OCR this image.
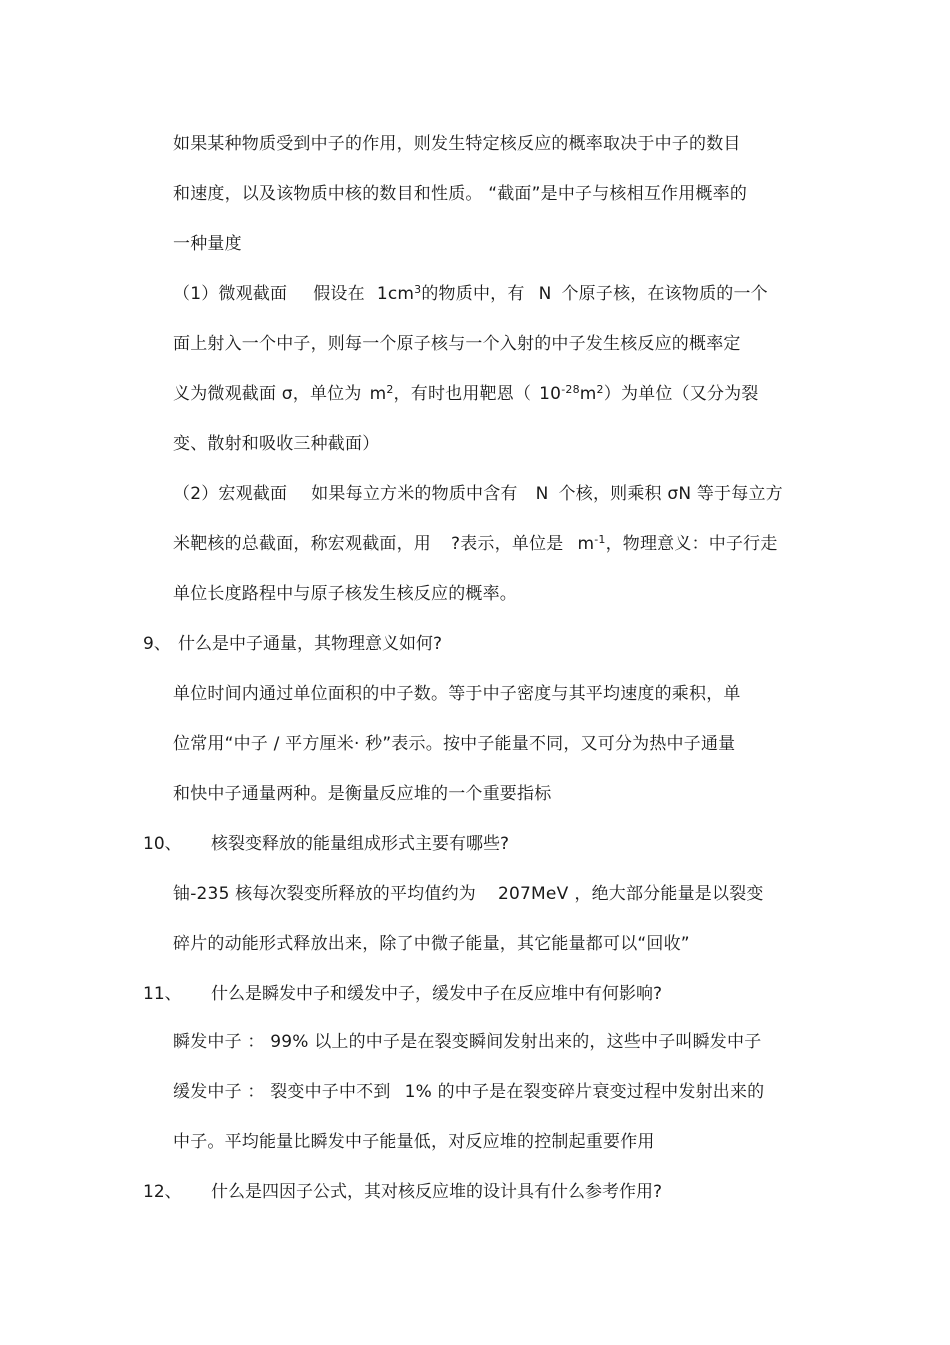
如果某种物质受到中子的作用，则发生特定核反应的概率取决于中子的数目
和速度，以及该物质中核的数目和性质。 “截面”是中子与核相互作用概率的
一种量度
（1）微观截面 假设在 $1cm^3$的物质中，有 N 个原子核，在该物质的一个
面上射入一个中子，则每一个原子核与一个入射的中子发生核反应的概率定
义为微观截面 σ，单位为 $m^2$，有时也用靶恩（ $10^{-28}m^2$）为单位（又分为裂
变、散射和吸收三种截面）
（2）宏观截面 如果每立方米的物质中含有 N 个核，则乘积 σN 等于每立方
米靶核的总截面，称宏观截面，用 ?表示，单位是 $m^{-1}$，物理意义：中子行走
单位长度路程中与原子核发生核反应的概率。
9、 什么是中子通量，其物理意义如何?
单位时间内通过单位面积的中子数。等于中子密度与其平均速度的乘积，单
位常用“中子 / 平方厘米· 秒”表示。按中子能量不同，又可分为热中子通量
和快中子通量两种。是衡量反应堆的一个重要指标
10、 核裂变释放的能量组成形式主要有哪些?
铀-235 核每次裂变所释放的平均值约为 207MeV ，绝大部分能量是以裂变
碎片的动能形式释放出来，除了中微子能量，其它能量都可以“回收”
11、 什么是瞬发中子和缓发中子，缓发中子在反应堆中有何影响?
瞬发中子 ： 99% 以上的中子是在裂变瞬间发射出来的，这些中子叫瞬发中子
缓发中子 ： 裂变中子中不到 1% 的中子是在裂变碎片衰变过程中发射出来的
中子。平均能量比瞬发中子能量低，对反应堆的控制起重要作用
12、 什么是四因子公式，其对核反应堆的设计具有什么参考作用?
